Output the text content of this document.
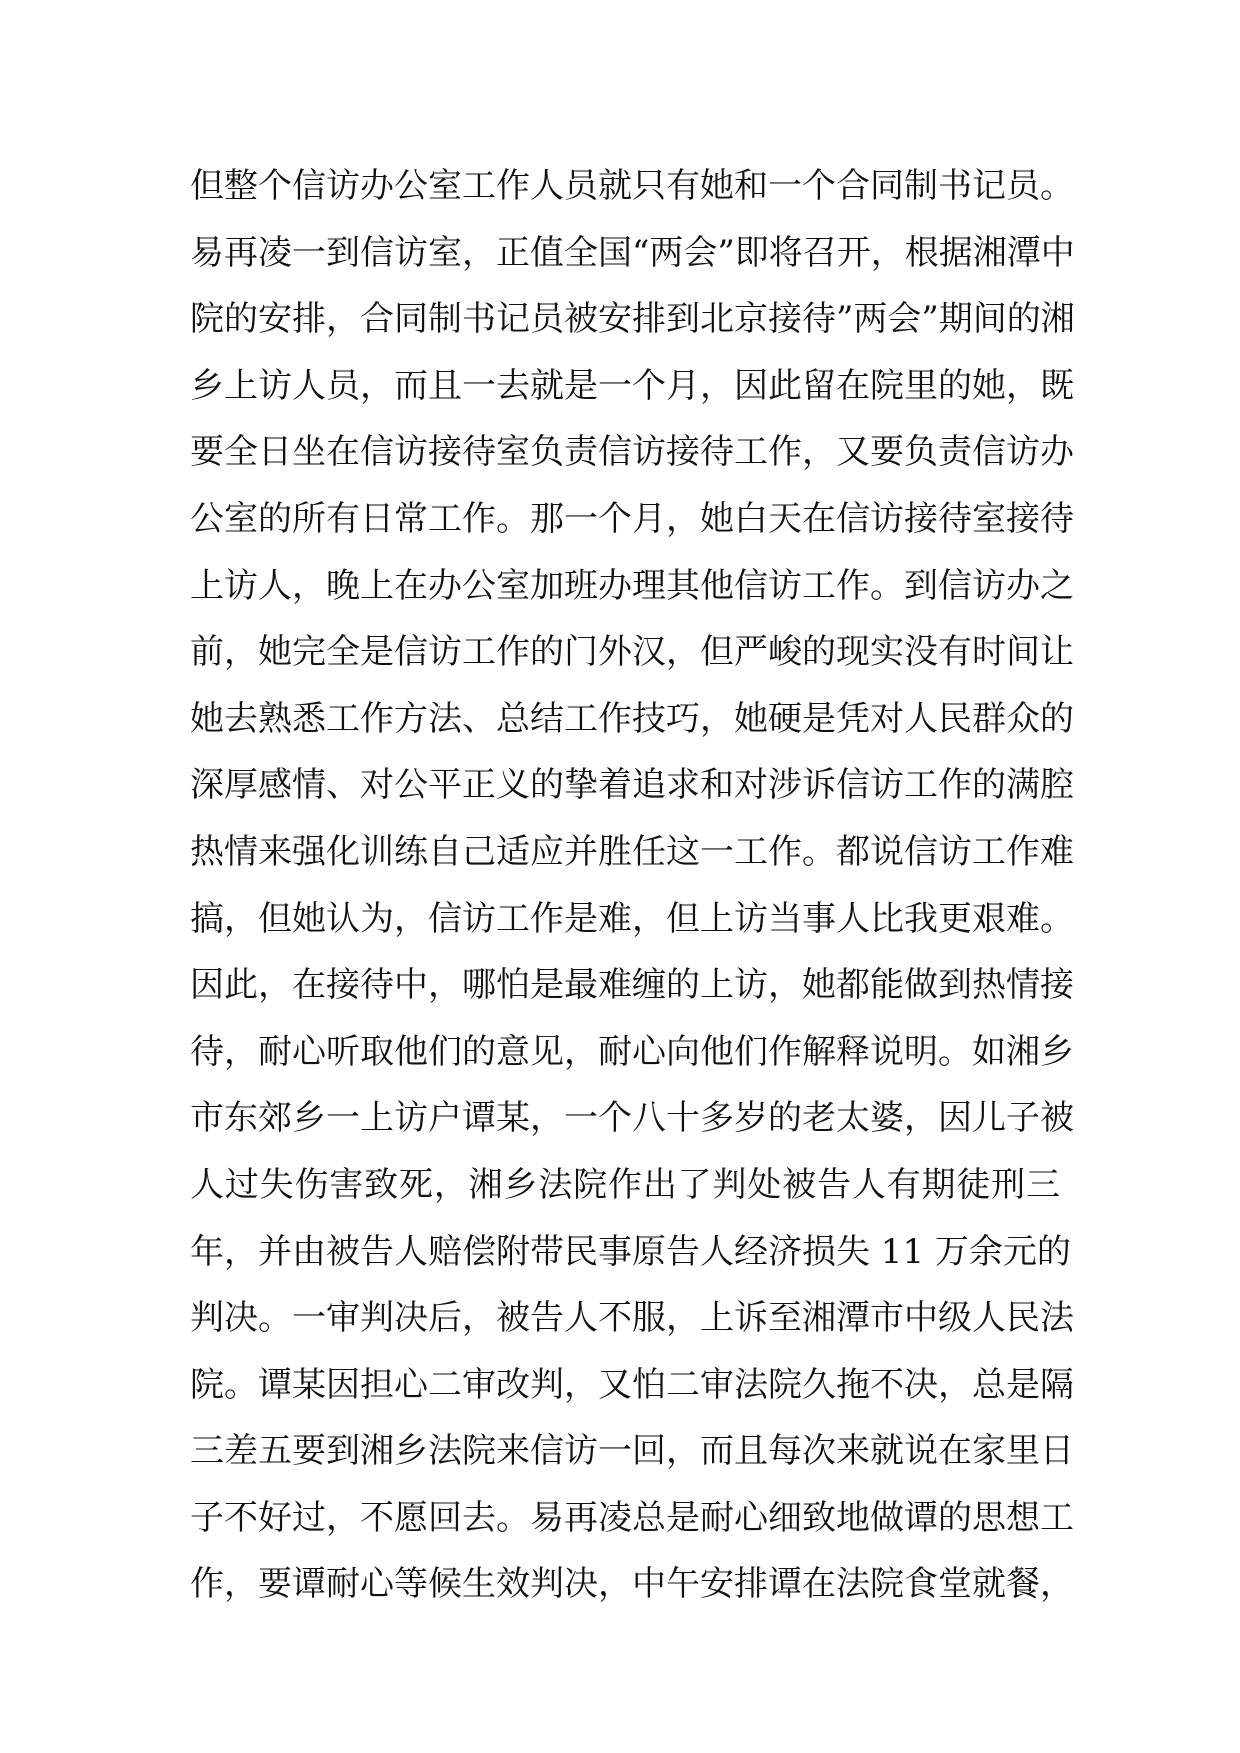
但整个信访办公室工作人员就只有她和一个合同制书记员。
易再凌一到信访室，正值全国“两会”即将召开，根据湘潭中
院的安排，合同制书记员被安排到北京接待”两会”期间的湘
乡上访人员，而且一去就是一个月，因此留在院里的她，既
要全日坐在信访接待室负责信访接待工作，又要负责信访办
公室的所有日常工作。那一个月，她白天在信访接待室接待
上访人，晚上在办公室加班办理其他信访工作。到信访办之
前，她完全是信访工作的门外汉，但严峻的现实没有时间让
她去熟悉工作方法、总结工作技巧，她硬是凭对人民群众的
深厚感情、对公平正义的挚着追求和对涉诉信访工作的满腔
热情来强化训练自己适应并胜任这一工作。都说信访工作难
搞，但她认为，信访工作是难，但上访当事人比我更艰难。
因此，在接待中，哪怕是最难缠的上访，她都能做到热情接
待，耐心听取他们的意见，耐心向他们作解释说明。如湘乡
市东郊乡一上访户谭某，一个八十多岁的老太婆，因儿子被
人过失伤害致死，湘乡法院作出了判处被告人有期徒刑三
年，并由被告人赔偿附带民事原告人经济损失 11 万余元的
判决。一审判决后，被告人不服，上诉至湘潭市中级人民法
院。谭某因担心二审改判，又怕二审法院久拖不决，总是隔
三差五要到湘乡法院来信访一回，而且每次来就说在家里日
子不好过，不愿回去。易再凌总是耐心细致地做谭的思想工
作，要谭耐心等候生效判决，中午安排谭在法院食堂就餐，
